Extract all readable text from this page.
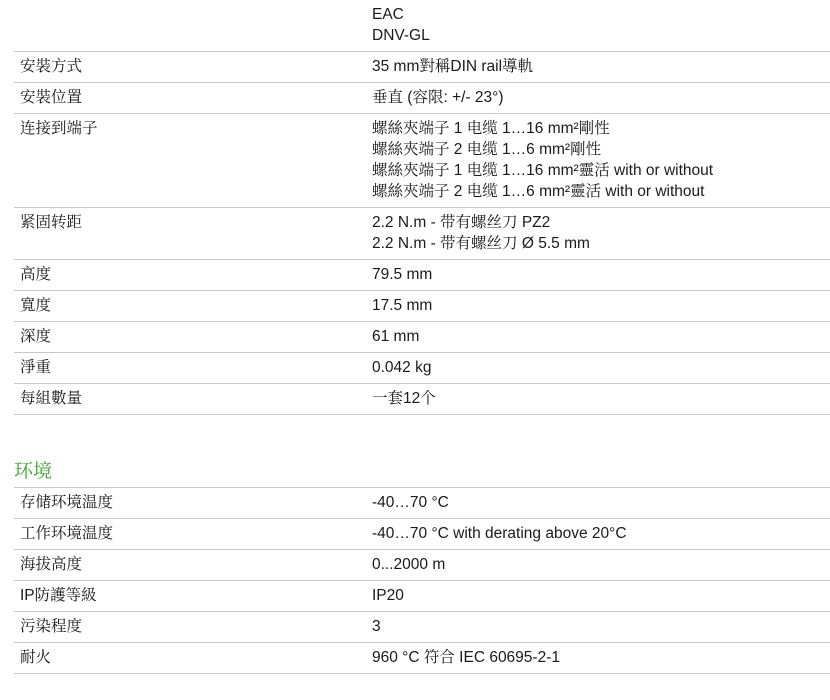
EAC
DNV-GL
安裝方式	35 mm對稱DIN rail導軌
安裝位置	垂直 (容限: +/- 23°)
连接到端子	螺絲夾端子 1 电缆 1…16 mm²剛性
螺絲夾端子 2 电缆 1…6 mm²剛性
螺絲夾端子 1 电缆 1…16 mm²靈活 with or without
螺絲夾端子 2 电缆 1…6 mm²靈活 with or without
紧固转距	2.2 N.m - 带有螺丝刀 PZ2
2.2 N.m - 带有螺丝刀 Ø 5.5 mm
高度	79.5 mm
寬度	17.5 mm
深度	61 mm
淨重	0.042 kg
每組數量	一套12个
环境
存储环境温度	-40…70 °C
工作环境温度	-40…70 °C with derating above 20°C
海拔高度	0...2000 m
IP防護等級	IP20
污染程度	3
耐火	960 °C 符合 IEC 60695-2-1
